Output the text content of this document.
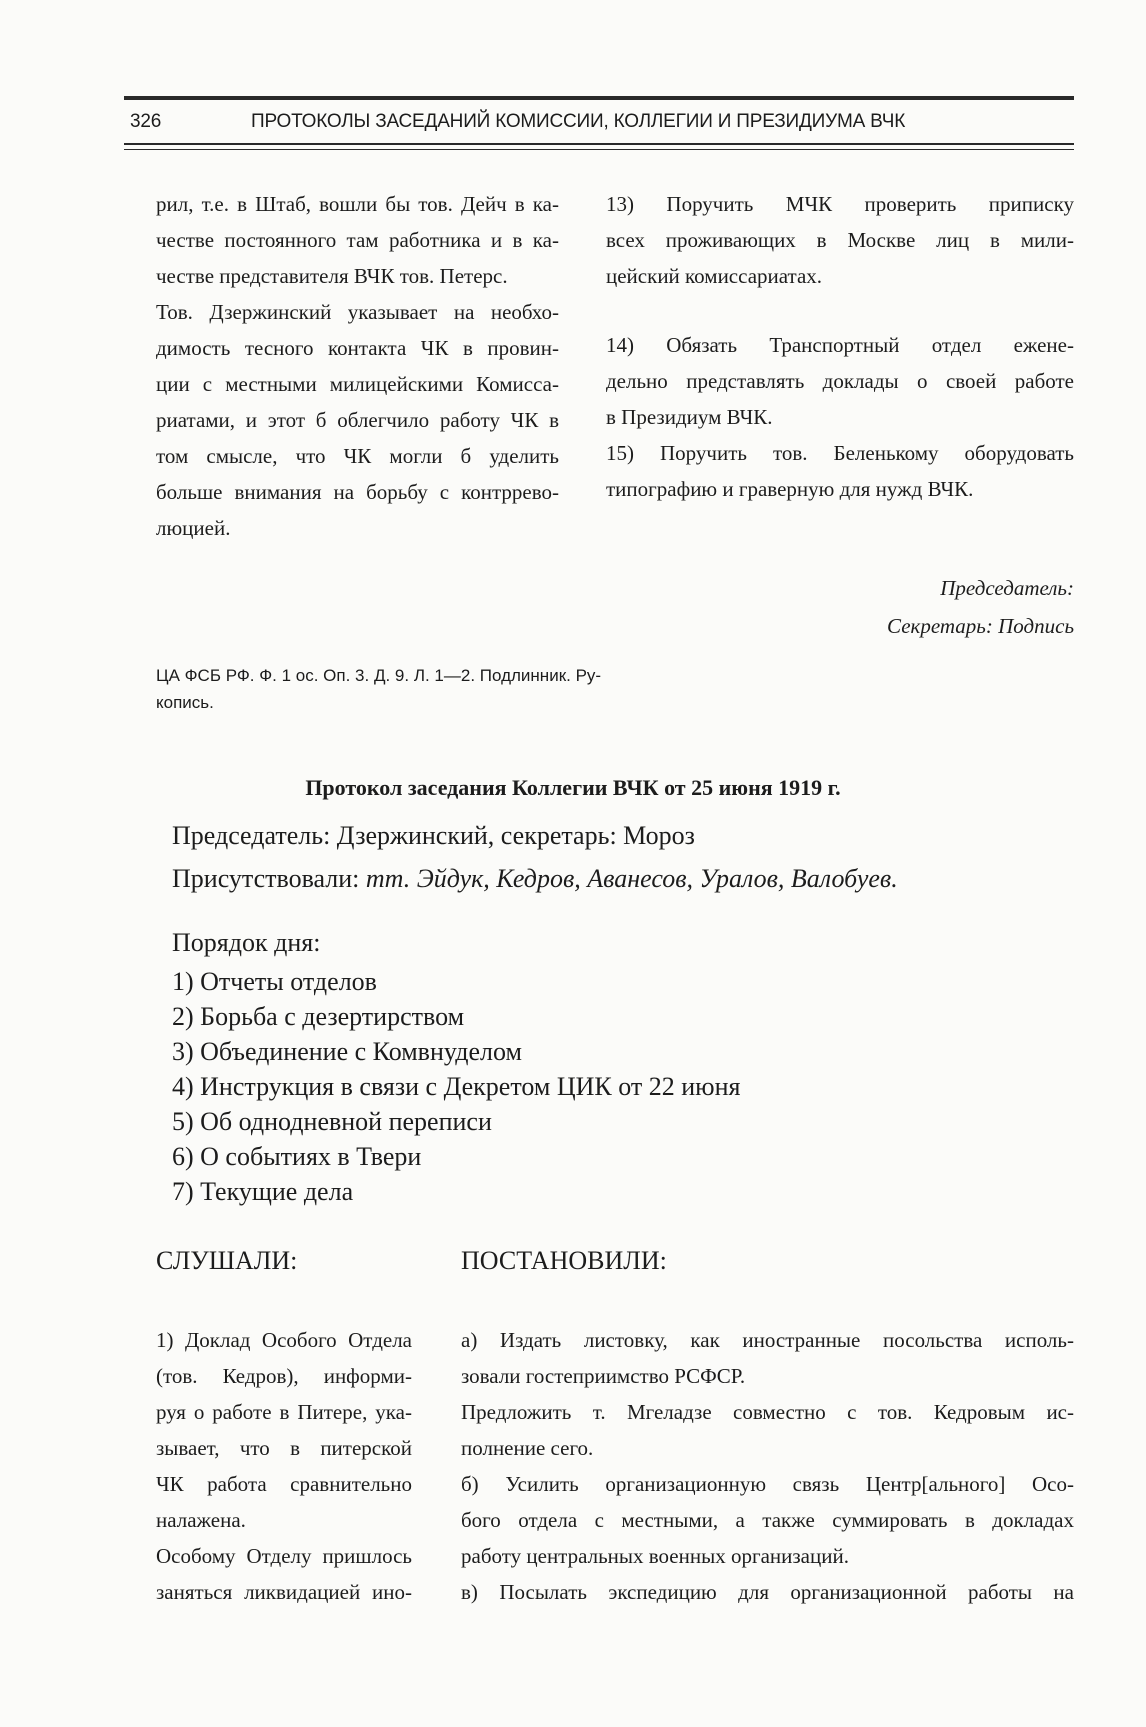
326	ПРОТОКОЛЫ ЗАСЕДАНИЙ КОМИССИИ, КОЛЛЕГИИ И ПРЕЗИДИУМА ВЧК

рил, т.е. в Штаб, вошли бы тов. Дейч в ка-

честве постоянного там работника и в ка-

честве представителя ВЧК тов. Петерс.

Тов. Дзержинский указывает на необхо-

димость тесного контакта ЧК в провин-

ции с местными милицейскими Комисса-

риатами, и этот б облегчило работу ЧК в

том смысле, что ЧК могли б уделить

больше внимания на борьбу с контррево-

люцией.

13) Поручить МЧК проверить приписку

всех проживающих в Москве лиц в мили-

цейский комиссариатах.

14) Обязать Транспортный отдел еженe-

дельно представлять доклады о своей работе

в Президиум ВЧК.

15) Поручить тов. Беленькому оборудовать

типографию и граверную для нужд ВЧК.

Председатель:
Секретарь: Подпись
ЦА ФСБ РФ. Ф. 1 ос. Оп. 3. Д. 9. Л. 1—2. Подлинник. Ру-
копись.
Протокол заседания Коллегии ВЧК от 25 июня 1919 г.
Председатель: Дзержинский, секретарь: Мороз
Присутствовали: тт. Эйдук, Кедров, Аванесов, Уралов, Валобуев.
Порядок дня:
1) Отчеты отделов
2) Борьба с дезертирством
3) Объединение с Комвнуделом
4) Инструкция в связи с Декретом ЦИК от 22 июня
5) Об однодневной переписи
6) О событиях в Твери
7) Текущие дела
СЛУШАЛИ:	ПОСТАНОВИЛИ:

1) Доклад Особого Отдела

(тов. Кедров), информи-

руя о работе в Питере, ука-

зывает, что в питерской

ЧК работа сравнительно

налажена.

Особому Отделу пришлось

заняться ликвидацией ино-

а) Издать листовку, как иностранные посольства исполь-

зовали гостеприимство РСФСР.

Предложить т. Мгеладзе совместно с тов. Кедровым ис-

полнение сего.

б) Усилить организационную связь Центр[ального] Осо-

бого отдела с местными, а также суммировать в докладах

работу центральных военных организаций.

в) Посылать экспедицию для организационной работы на
